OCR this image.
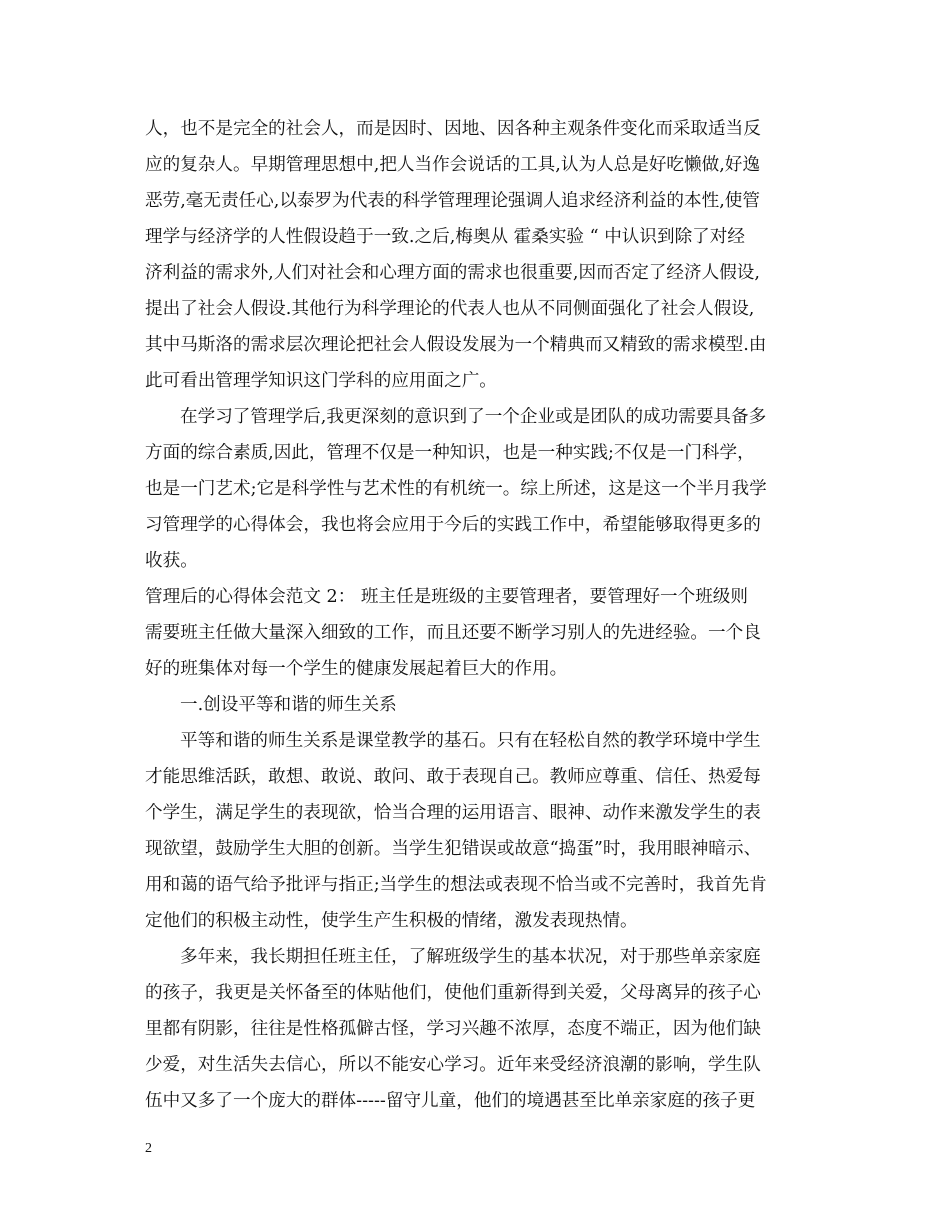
人，也不是完全的社会人，而是因时、因地、因各种主观条件变化而采取适当反
应的复杂人。早期管理思想中,把人当作会说话的工具,认为人总是好吃懒做,好逸
恶劳,毫无责任心,以泰罗为代表的科学管理理论强调人追求经济利益的本性,使管
理学与经济学的人性假设趋于一致.之后,梅奥从 霍桑实验 “ 中认识到除了对经
济利益的需求外,人们对社会和心理方面的需求也很重要,因而否定了经济人假设,
提出了社会人假设.其他行为科学理论的代表人也从不同侧面强化了社会人假设,
其中马斯洛的需求层次理论把社会人假设发展为一个精典而又精致的需求模型.由
此可看出管理学知识这门学科的应用面之广。
在学习了管理学后,我更深刻的意识到了一个企业或是团队的成功需要具备多
方面的综合素质,因此，管理不仅是一种知识，也是一种实践;不仅是一门科学，
也是一门艺术;它是科学性与艺术性的有机统一。综上所述，这是这一个半月我学
习管理学的心得体会，我也将会应用于今后的实践工作中，希望能够取得更多的
收获。
管理后的心得体会范文 2： 班主任是班级的主要管理者，要管理好一个班级则
需要班主任做大量深入细致的工作，而且还要不断学习别人的先进经验。一个良
好的班集体对每一个学生的健康发展起着巨大的作用。
一.创设平等和谐的师生关系
平等和谐的师生关系是课堂教学的基石。只有在轻松自然的教学环境中学生
才能思维活跃，敢想、敢说、敢问、敢于表现自己。教师应尊重、信任、热爱每
个学生，满足学生的表现欲，恰当合理的运用语言、眼神、动作来激发学生的表
现欲望，鼓励学生大胆的创新。当学生犯错误或故意“捣蛋”时，我用眼神暗示、
用和蔼的语气给予批评与指正;当学生的想法或表现不恰当或不完善时，我首先肯
定他们的积极主动性，使学生产生积极的情绪，激发表现热情。
多年来，我长期担任班主任，了解班级学生的基本状况，对于那些单亲家庭
的孩子，我更是关怀备至的体贴他们，使他们重新得到关爱，父母离异的孩子心
里都有阴影，往往是性格孤僻古怪，学习兴趣不浓厚，态度不端正，因为他们缺
少爱，对生活失去信心，所以不能安心学习。近年来受经济浪潮的影响，学生队
伍中又多了一个庞大的群体-----留守儿童，他们的境遇甚至比单亲家庭的孩子更
2
